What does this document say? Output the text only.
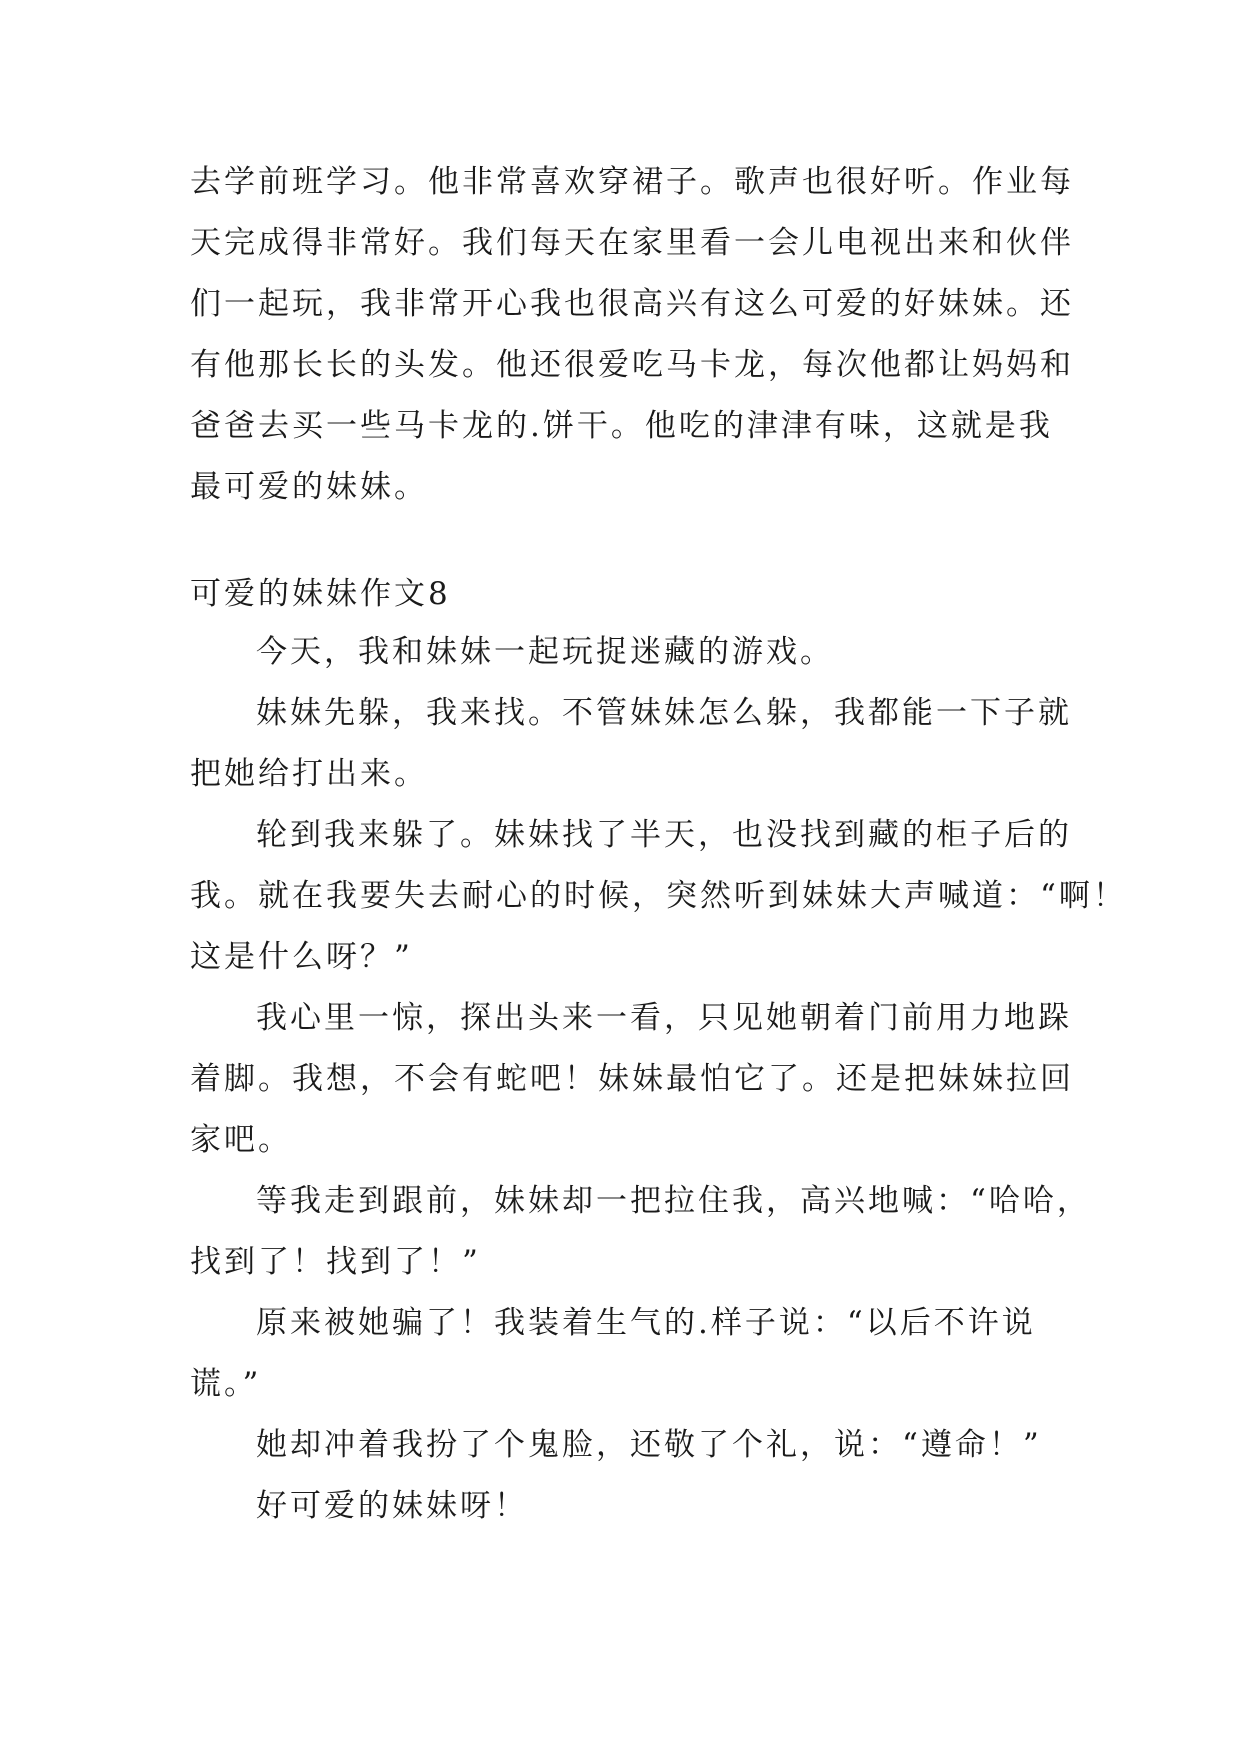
去学前班学习。他非常喜欢穿裙子。歌声也很好听。作业每
天完成得非常好。我们每天在家里看一会儿电视出来和伙伴
们一起玩，我非常开心我也很高兴有这么可爱的好妹妹。还
有他那长长的头发。他还很爱吃马卡龙，每次他都让妈妈和
爸爸去买一些马卡龙的.饼干。他吃的津津有味，这就是我
最可爱的妹妹。
可爱的妹妹作文8
今天，我和妹妹一起玩捉迷藏的游戏。
妹妹先躲，我来找。不管妹妹怎么躲，我都能一下子就
把她给打出来。
轮到我来躲了。妹妹找了半天，也没找到藏的柜子后的
我。就在我要失去耐心的时候，突然听到妹妹大声喊道：“啊！
这是什么呀？”
我心里一惊，探出头来一看，只见她朝着门前用力地跺
着脚。我想，不会有蛇吧！妹妹最怕它了。还是把妹妹拉回
家吧。
等我走到跟前，妹妹却一把拉住我，高兴地喊：“哈哈，
找到了！找到了！”
原来被她骗了！我装着生气的.样子说：“以后不许说
谎。”
她却冲着我扮了个鬼脸，还敬了个礼，说：“遵命！”
好可爱的妹妹呀！
